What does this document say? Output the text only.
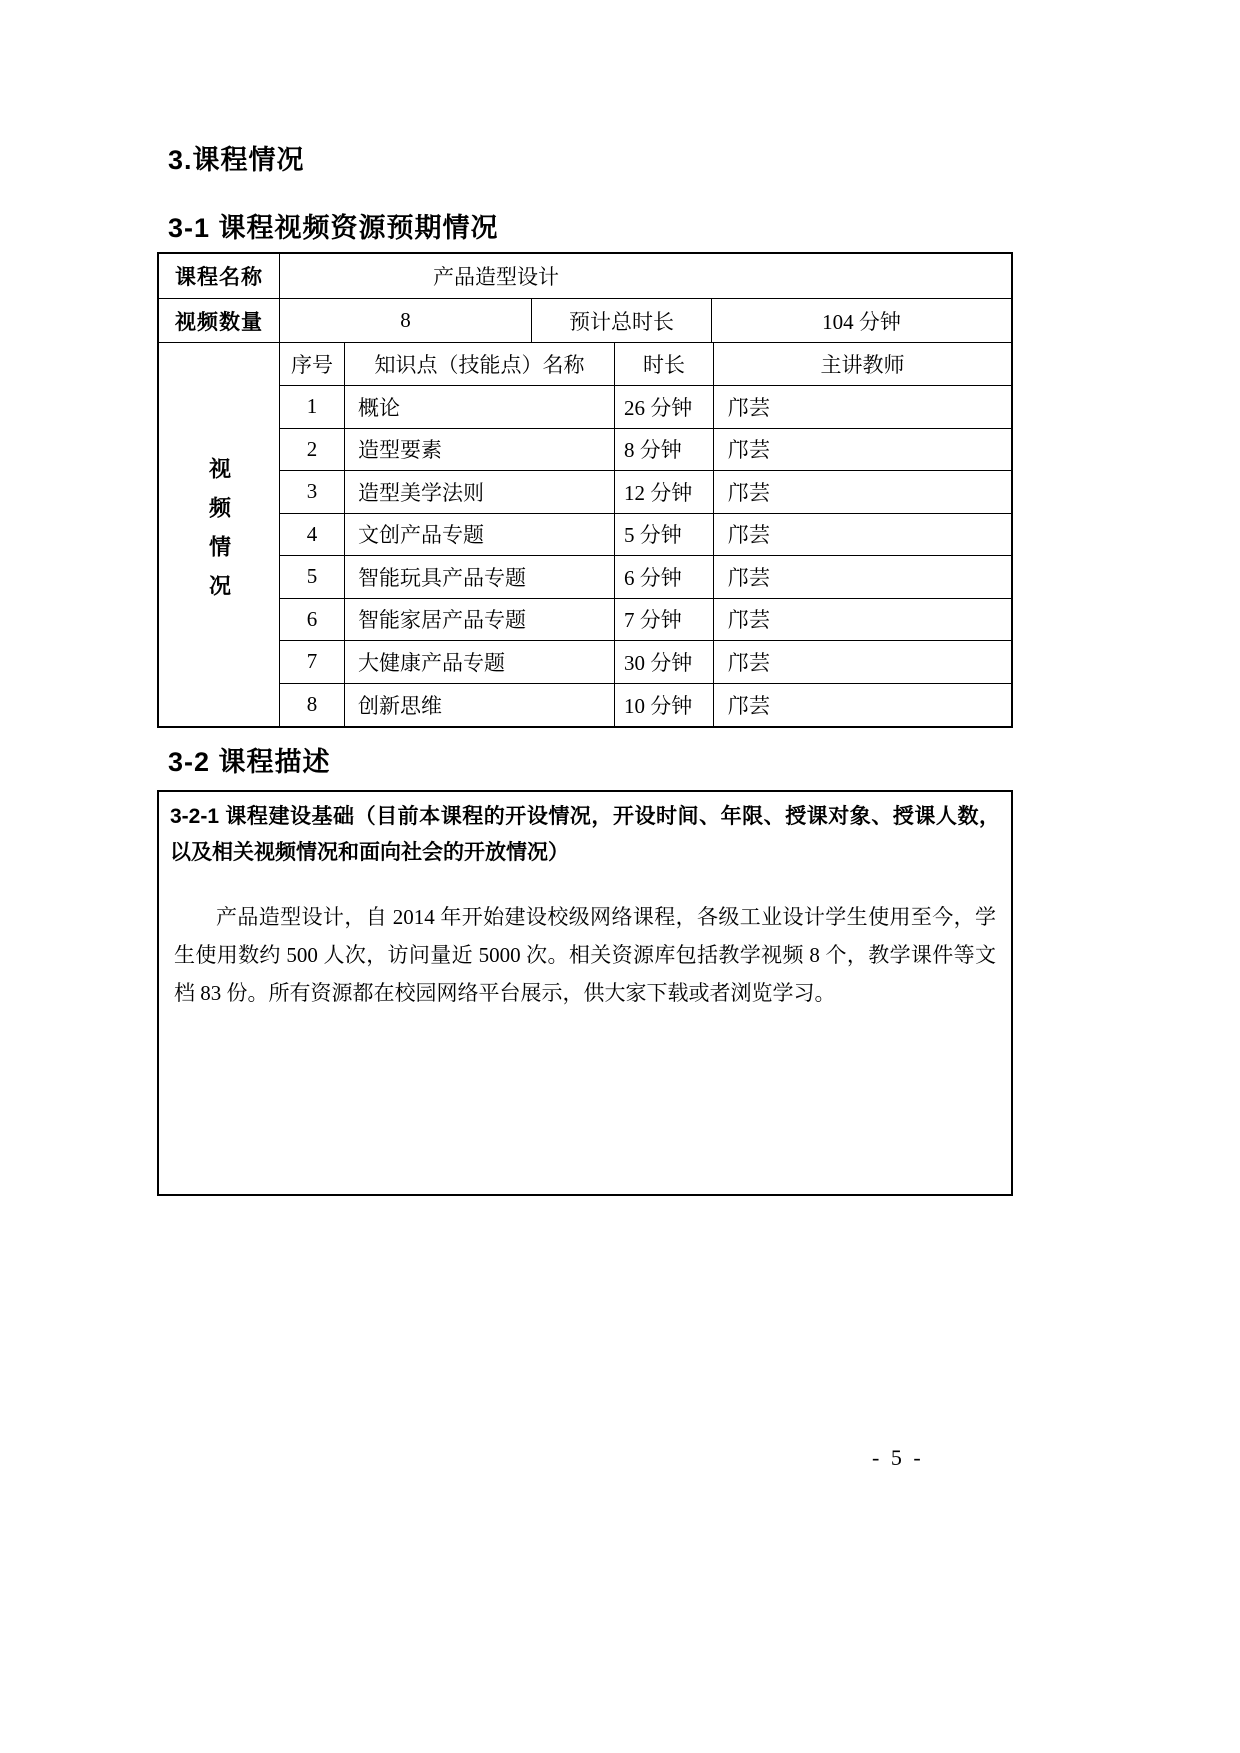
3.课程情况
3-1 课程视频资源预期情况
课程名称	产品造型设计
视频数量	8	预计总时长	104 分钟
视频情况
序号	知识点（技能点）名称	时长	主讲教师
1	概论	26 分钟	邝芸
2	造型要素	8 分钟	邝芸
3	造型美学法则	12 分钟	邝芸
4	文创产品专题	5 分钟	邝芸
5	智能玩具产品专题	6 分钟	邝芸
6	智能家居产品专题	7 分钟	邝芸
7	大健康产品专题	30 分钟	邝芸
8	创新思维	10 分钟	邝芸
3-2 课程描述
3-2-1 课程建设基础（目前本课程的开设情况，开设时间、年限、授课对象、授课人数，以及相关视频情况和面向社会的开放情况）
产品造型设计，自 2014 年开始建设校级网络课程，各级工业设计学生使用至今，学生使用数约 500 人次，访问量近 5000 次。相关资源库包括教学视频 8 个，教学课件等文档 83 份。所有资源都在校园网络平台展示，供大家下载或者浏览学习。
- 5 -
